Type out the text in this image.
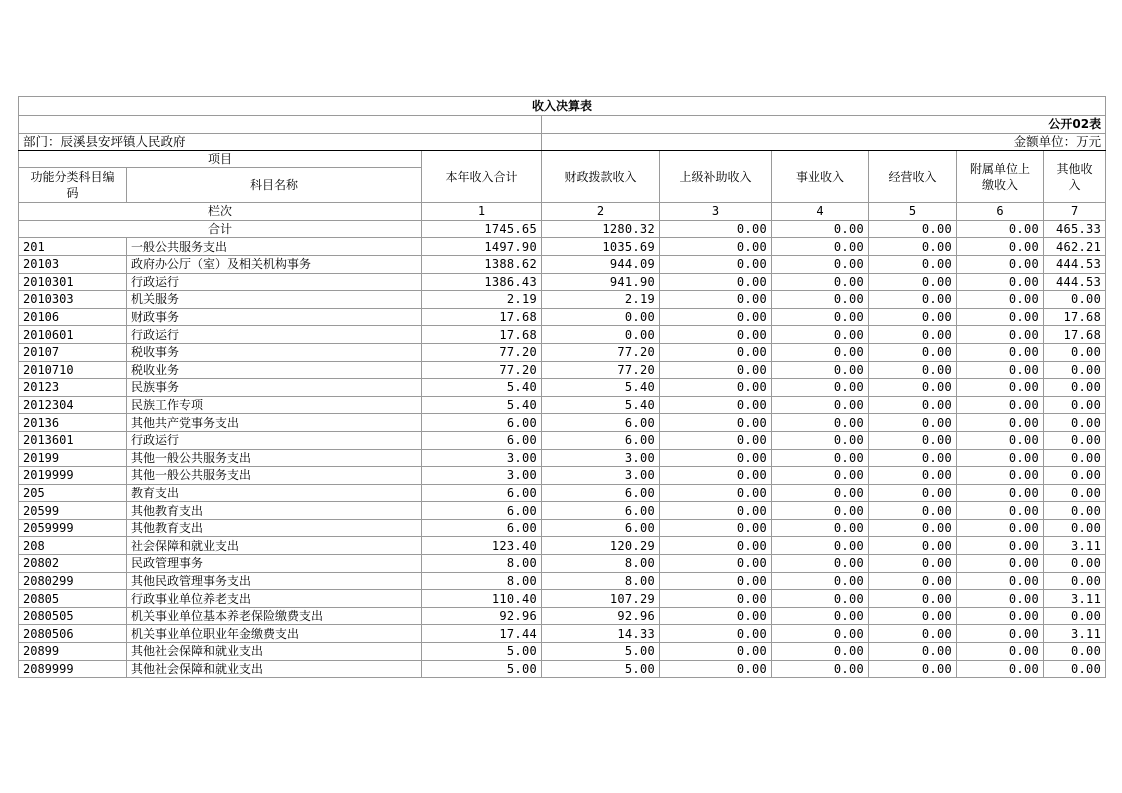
收入决算表								
			公开02表					
部门：辰溪县安坪镇人民政府			金额单位：万元					
项目		本年收入合计	财政拨款收入	上级补助收入	事业收入	经营收入	附属单位上缴收入	其他收入
功能分类科目编码	科目名称							
栏次		1	2	3	4	5	6	7
合计		1745.65	1280.32	0.00	0.00	0.00	0.00	465.33
201	一般公共服务支出	1497.90	1035.69	0.00	0.00	0.00	0.00	462.21
20103	政府办公厅（室）及相关机构事务	1388.62	944.09	0.00	0.00	0.00	0.00	444.53
2010301	行政运行	1386.43	941.90	0.00	0.00	0.00	0.00	444.53
2010303	机关服务	2.19	2.19	0.00	0.00	0.00	0.00	0.00
20106	财政事务	17.68	0.00	0.00	0.00	0.00	0.00	17.68
2010601	行政运行	17.68	0.00	0.00	0.00	0.00	0.00	17.68
20107	税收事务	77.20	77.20	0.00	0.00	0.00	0.00	0.00
2010710	税收业务	77.20	77.20	0.00	0.00	0.00	0.00	0.00
20123	民族事务	5.40	5.40	0.00	0.00	0.00	0.00	0.00
2012304	民族工作专项	5.40	5.40	0.00	0.00	0.00	0.00	0.00
20136	其他共产党事务支出	6.00	6.00	0.00	0.00	0.00	0.00	0.00
2013601	行政运行	6.00	6.00	0.00	0.00	0.00	0.00	0.00
20199	其他一般公共服务支出	3.00	3.00	0.00	0.00	0.00	0.00	0.00
2019999	其他一般公共服务支出	3.00	3.00	0.00	0.00	0.00	0.00	0.00
205	教育支出	6.00	6.00	0.00	0.00	0.00	0.00	0.00
20599	其他教育支出	6.00	6.00	0.00	0.00	0.00	0.00	0.00
2059999	其他教育支出	6.00	6.00	0.00	0.00	0.00	0.00	0.00
208	社会保障和就业支出	123.40	120.29	0.00	0.00	0.00	0.00	3.11
20802	民政管理事务	8.00	8.00	0.00	0.00	0.00	0.00	0.00
2080299	其他民政管理事务支出	8.00	8.00	0.00	0.00	0.00	0.00	0.00
20805	行政事业单位养老支出	110.40	107.29	0.00	0.00	0.00	0.00	3.11
2080505	机关事业单位基本养老保险缴费支出	92.96	92.96	0.00	0.00	0.00	0.00	0.00
2080506	机关事业单位职业年金缴费支出	17.44	14.33	0.00	0.00	0.00	0.00	3.11
20899	其他社会保障和就业支出	5.00	5.00	0.00	0.00	0.00	0.00	0.00
2089999	其他社会保障和就业支出	5.00	5.00	0.00	0.00	0.00	0.00	0.00
